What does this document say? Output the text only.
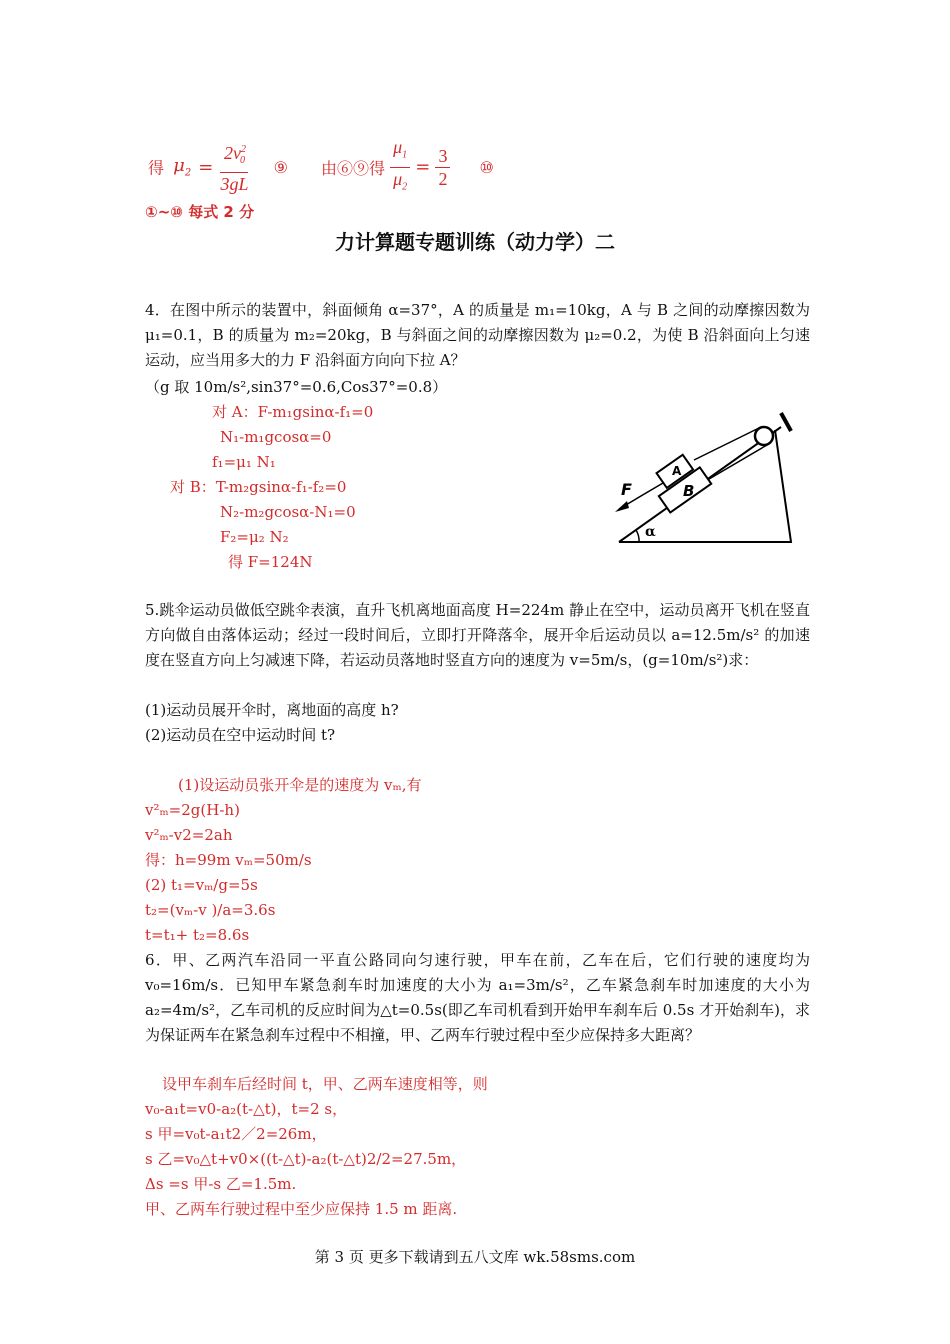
得 $\mu_2 = \frac{2v^2_0}{3gL}$ ⑨ 由⑥⑨得 $\frac{\mu_1}{\mu_2} = \frac{3}{2}$ ⑩
①~⑩ 每式 2 分
力计算题专题训练（动力学）二
4．在图中所示的装置中，斜面倾角 α=37°，A 的质量是 m₁=10kg，A 与 B 之间的动摩擦因数为 μ₁=0.1，B 的质量为 m₂=20kg，B 与斜面之间的动摩擦因数为 μ₂=0.2，为使 B 沿斜面向上匀速运动，应当用多大的力 F 沿斜面方向向下拉 A？
（g 取 10m/s²,sin37°=0.6,Cos37°=0.8）
对 A：F-m₁gsinα-f₁=0
N₁-m₁gcosα=0
f₁=μ₁ N₁
对 B：T-m₂gsinα-f₁-f₂=0
N₂-m₂gcosα-N₁=0
F₂=μ₂ N₂
得 F=124N
B
A
F
α
5.跳伞运动员做低空跳伞表演，直升飞机离地面高度 H=224m 静止在空中，运动员离开飞机在竖直方向做自由落体运动；经过一段时间后，立即打开降落伞，展开伞后运动员以 a=12.5m/s² 的加速度在竖直方向上匀减速下降，若运动员落地时竖直方向的速度为 v=5m/s，(g=10m/s²)求：
(1)运动员展开伞时，离地面的高度 h?
(2)运动员在空中运动时间 t?
(1)设运动员张开伞是的速度为 vₘ,有
v²ₘ=2g(H-h)
v²ₘ-v2=2ah
得：h=99m vₘ=50m/s
(2) t₁=vₘ/g=5s
t₂=(vₘ-v )/a=3.6s
t=t₁+ t₂=8.6s
6．甲、乙两汽车沿同一平直公路同向匀速行驶，甲车在前，乙车在后，它们行驶的速度均为 v₀=16m/s．已知甲车紧急刹车时加速度的大小为 a₁=3m/s²，乙车紧急刹车时加速度的大小为 a₂=4m/s²，乙车司机的反应时间为△t=0.5s(即乙车司机看到开始甲车刹车后 0.5s 才开始刹车)，求为保证两车在紧急刹车过程中不相撞，甲、乙两车行驶过程中至少应保持多大距离？
设甲车刹车后经时间 t，甲、乙两车速度相等，则
v₀-a₁t=v0-a₂(t-△t)，t=2 s，
s 甲=v₀t-a₁t2／2=26m，
s 乙=v₀△t+v0×((t-△t)-a₂(t-△t)2/2=27.5m，
Δs =s 甲-s 乙=1.5m.
甲、乙两车行驶过程中至少应保持 1.5 m 距离.
第 3 页 更多下载请到五八文库 wk.58sms.com
